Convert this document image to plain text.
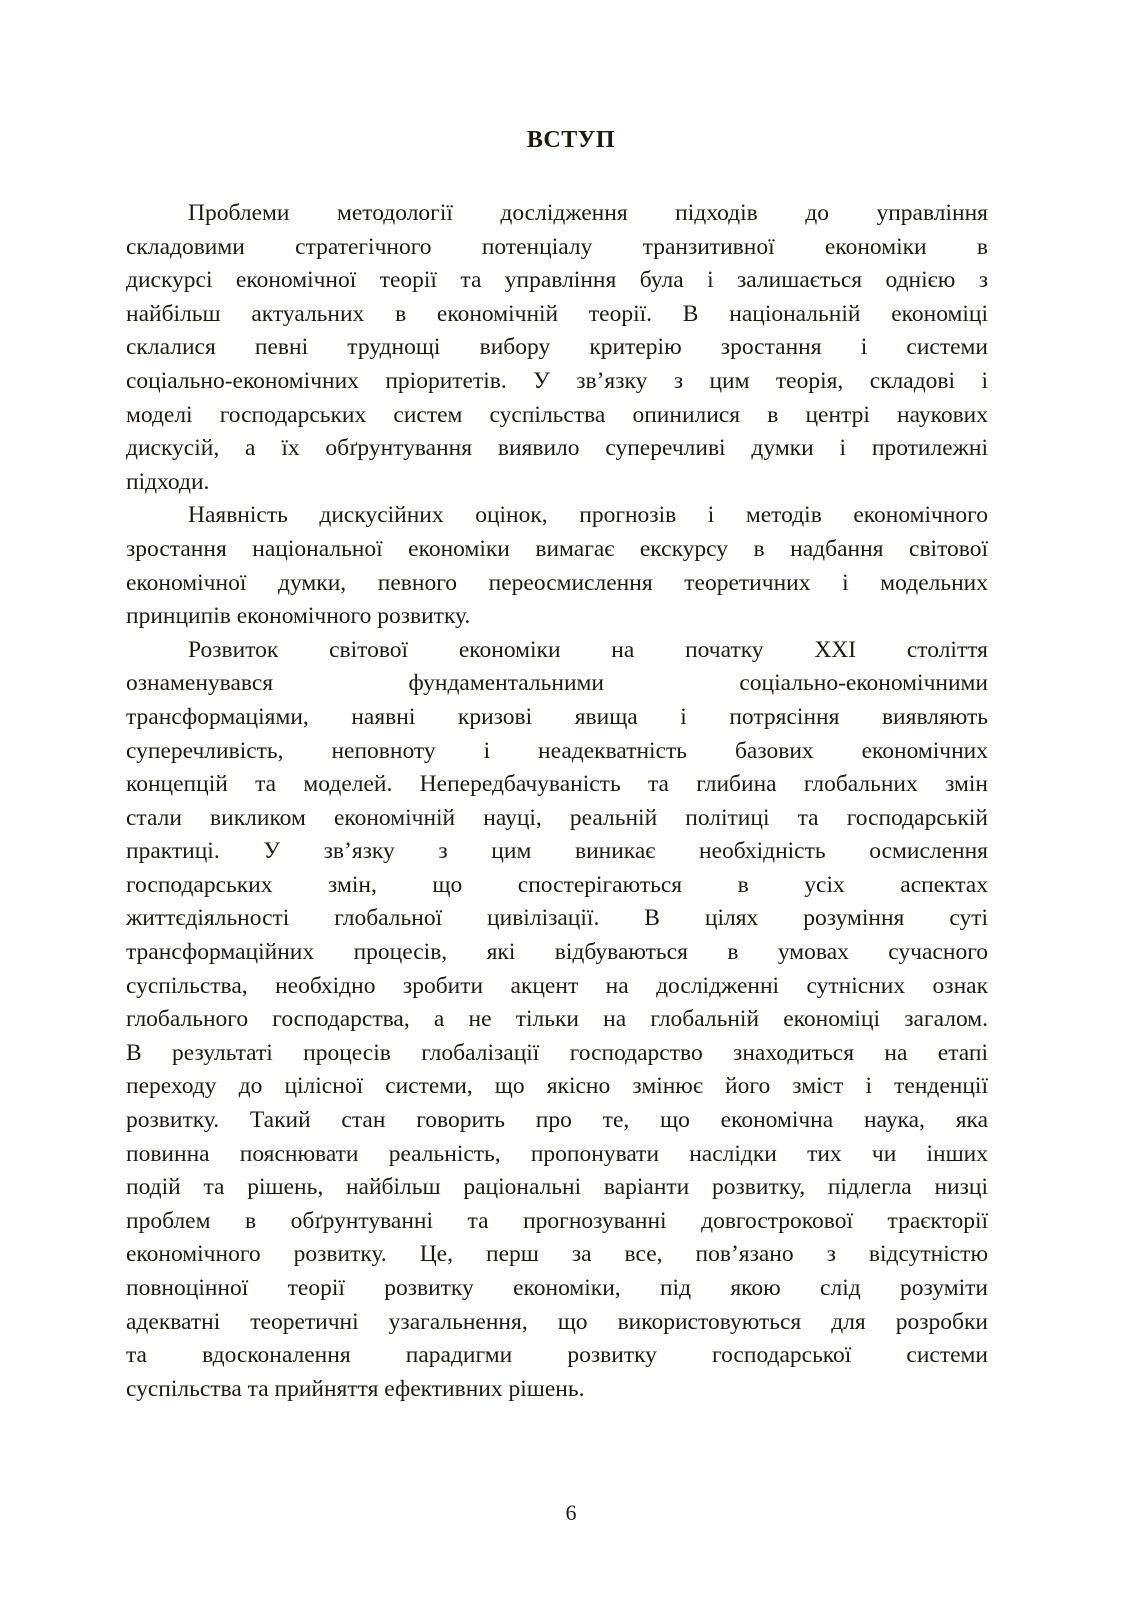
ВСТУП

Проблеми методології дослідження підходів до управління
складовими стратегічного потенціалу транзитивної економіки в
дискурсі економічної теорії та управління була і залишається однією з
найбільш актуальних в економічній теорії. В національній економіці
склалися певні труднощі вибору критерію зростання і системи
соціально-економічних пріоритетів. У зв’язку з цим теорія, складові і
моделі господарських систем суспільства опинилися в центрі наукових
дискусій, а їх обґрунтування виявило суперечливі думки і протилежні
підходи.

Наявність дискусійних оцінок, прогнозів і методів економічного
зростання національної економіки вимагає екскурсу в надбання світової
економічної думки, певного переосмислення теоретичних і модельних
принципів економічного розвитку.

Розвиток світової економіки на початку XXI століття
ознаменувався фундаментальними соціально-економічними
трансформаціями, наявні кризові явища і потрясіння виявляють
суперечливість, неповноту і неадекватність базових економічних
концепцій та моделей. Непередбачуваність та глибина глобальних змін
стали викликом економічній науці, реальній політиці та господарській
практиці. У зв’язку з цим виникає необхідність осмислення
господарських змін, що спостерігаються в усіх аспектах
життєдіяльності глобальної цивілізації. В цілях розуміння суті
трансформаційних процесів, які відбуваються в умовах сучасного
суспільства, необхідно зробити акцент на дослідженні сутнісних ознак
глобального господарства, а не тільки на глобальній економіці загалом.
В результаті процесів глобалізації господарство знаходиться на етапі
переходу до цілісної системи, що якісно змінює його зміст і тенденції
розвитку. Такий стан говорить про те, що економічна наука, яка
повинна пояснювати реальність, пропонувати наслідки тих чи інших
подій та рішень, найбільш раціональні варіанти розвитку, підлегла низці
проблем в обґрунтуванні та прогнозуванні довгострокової траєкторії
економічного розвитку. Це, перш за все, пов’язано з відсутністю
повноцінної теорії розвитку економіки, під якою слід розуміти
адекватні теоретичні узагальнення, що використовуються для розробки
та вдосконалення парадигми розвитку господарської системи
суспільства та прийняття ефективних рішень.

6
